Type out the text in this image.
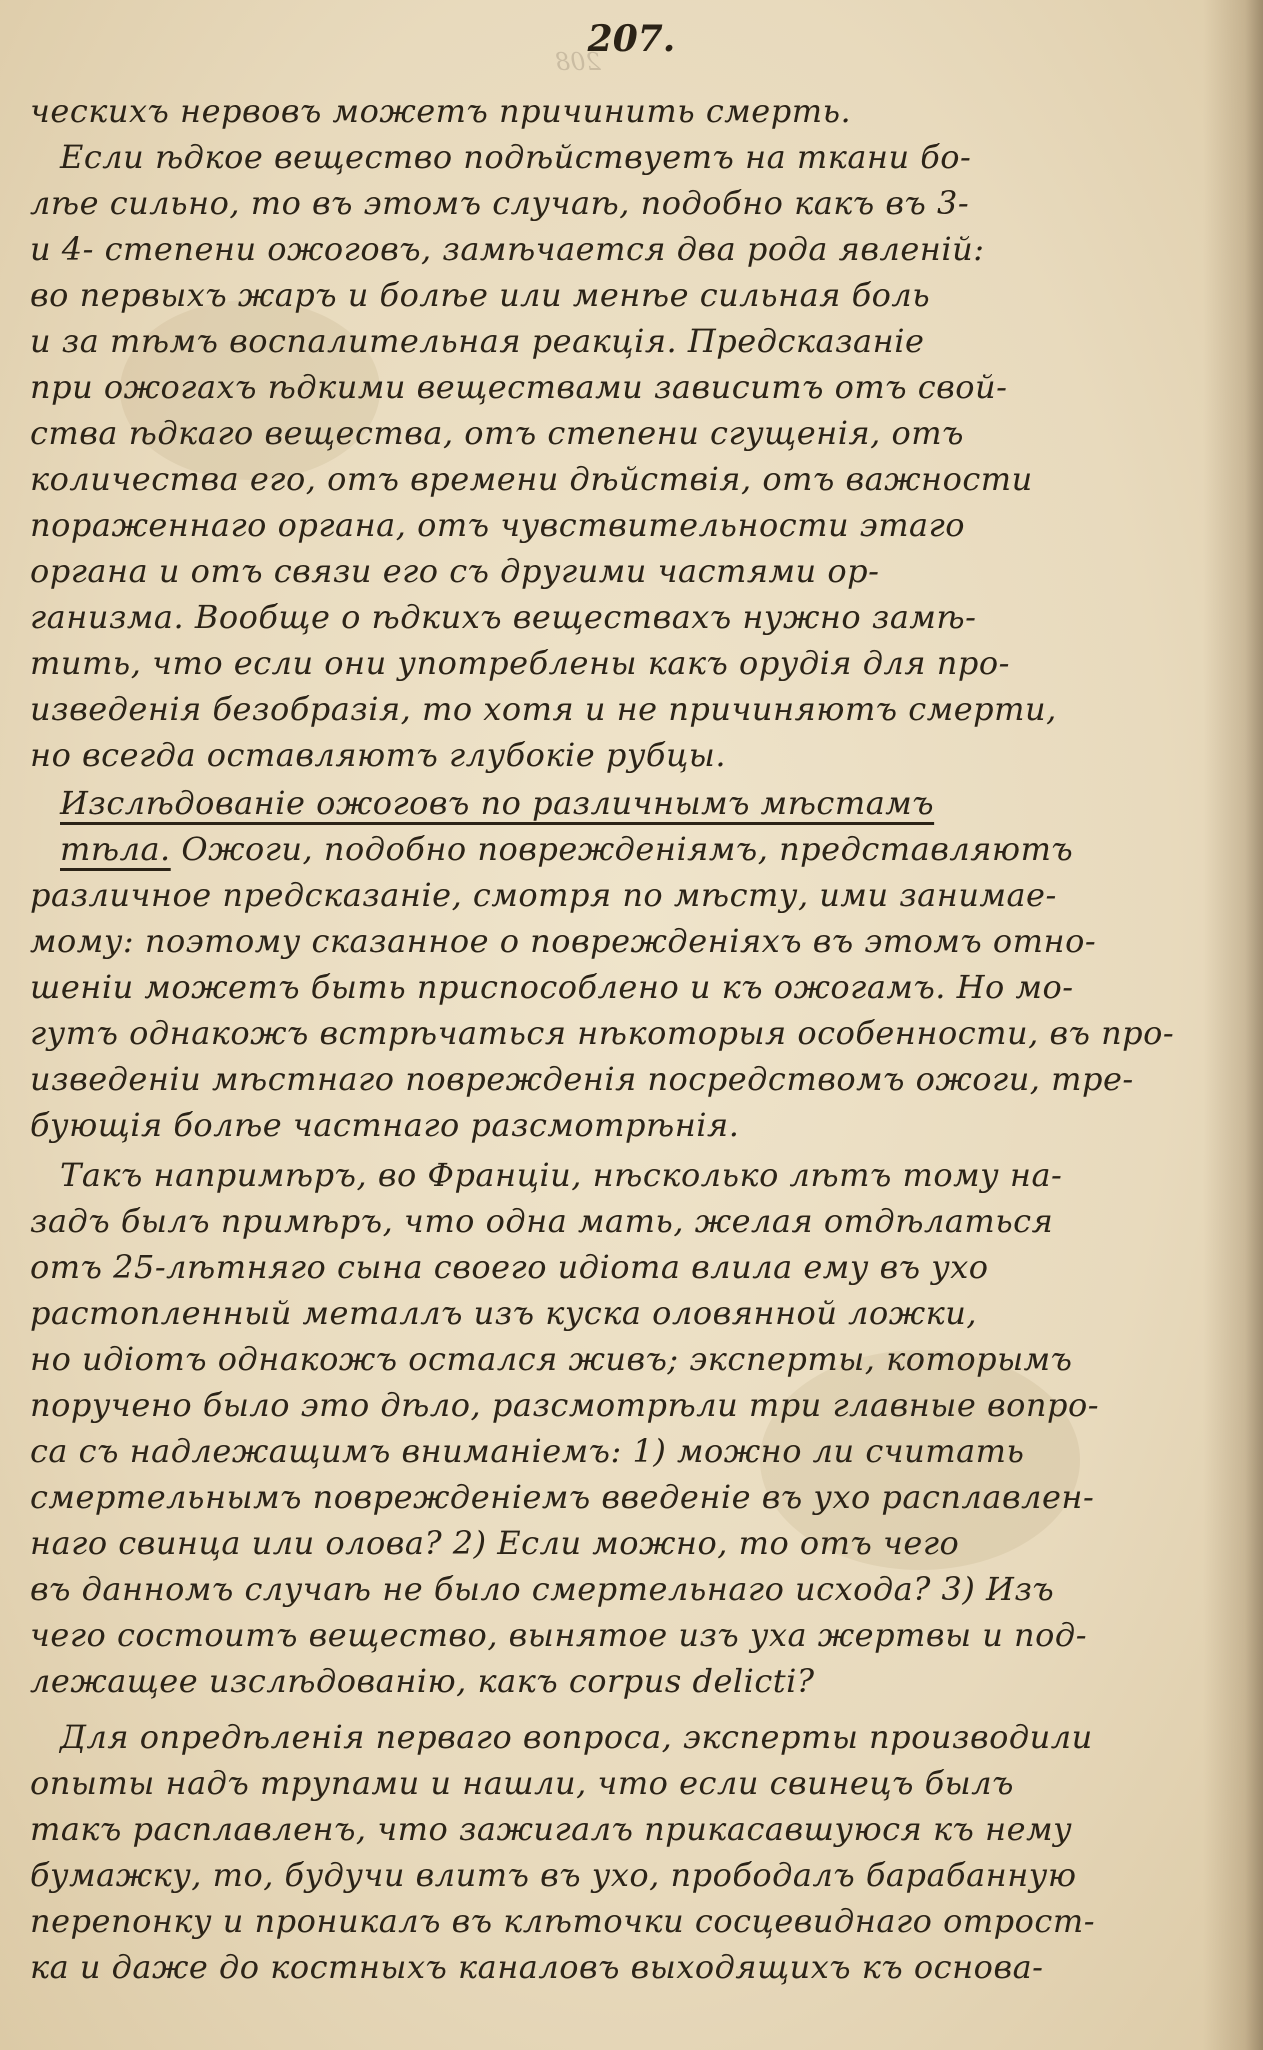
207.
208
ческихъ нервовъ можетъ причинить смерть.
Если ѣдкое вещество подѣйствуетъ на ткани бо-
лѣе сильно, то въ этомъ случаѣ, подобно какъ въ 3-
и 4- степени ожоговъ, замѣчается два рода явленій:
во первыхъ жаръ и болѣе или менѣе сильная боль
и за тѣмъ воспалительная реакція. Предсказаніе
при ожогахъ ѣдкими веществами зависитъ отъ свой-
ства ѣдкаго вещества, отъ степени сгущенія, отъ
количества его, отъ времени дѣйствія, отъ важности
пораженнаго органа, отъ чувствительности этаго
органа и отъ связи его съ другими частями ор-
ганизма. Вообще о ѣдкихъ веществахъ нужно замѣ-
тить, что если они употреблены какъ орудія для про-
изведенія безобразія, то хотя и не причиняютъ смерти,
но всегда оставляютъ глубокіе рубцы.
Изслѣдованіе ожоговъ по различнымъ мѣстамъ
тѣла. Ожоги, подобно поврежденіямъ, представляютъ
различное предсказаніе, смотря по мѣсту, ими занимае-
мому: поэтому сказанное о поврежденіяхъ въ этомъ отно-
шеніи можетъ быть приспособлено и къ ожогамъ. Но мо-
гутъ однакожъ встрѣчаться нѣкоторыя особенности, въ про-
изведеніи мѣстнаго поврежденія посредствомъ ожоги, тре-
бующія болѣе частнаго разсмотрѣнія.
Такъ напримѣръ, во Франціи, нѣсколько лѣтъ тому на-
задъ былъ примѣръ, что одна мать, желая отдѣлаться
отъ 25-лѣтняго сына своего идіота влила ему въ ухо
растопленный металлъ изъ куска оловянной ложки,
но идіотъ однакожъ остался живъ; эксперты, которымъ
поручено было это дѣло, разсмотрѣли три главные вопро-
са съ надлежащимъ вниманіемъ: 1) можно ли считать
смертельнымъ поврежденіемъ введеніе въ ухо расплавлен-
наго свинца или олова? 2) Если можно, то отъ чего
въ данномъ случаѣ не было смертельнаго исхода? 3) Изъ
чего состоитъ вещество, вынятое изъ уха жертвы и под-
лежащее изслѣдованію, какъ corpus delicti?
Для опредѣленія перваго вопроса, эксперты производили
опыты надъ трупами и нашли, что если свинецъ былъ
такъ расплавленъ, что зажигалъ прикасавшуюся къ нему
бумажку, то, будучи влитъ въ ухо, прободалъ барабанную
перепонку и проникалъ въ клѣточки сосцевиднаго отрост-
ка и даже до костныхъ каналовъ выходящихъ къ основа-
